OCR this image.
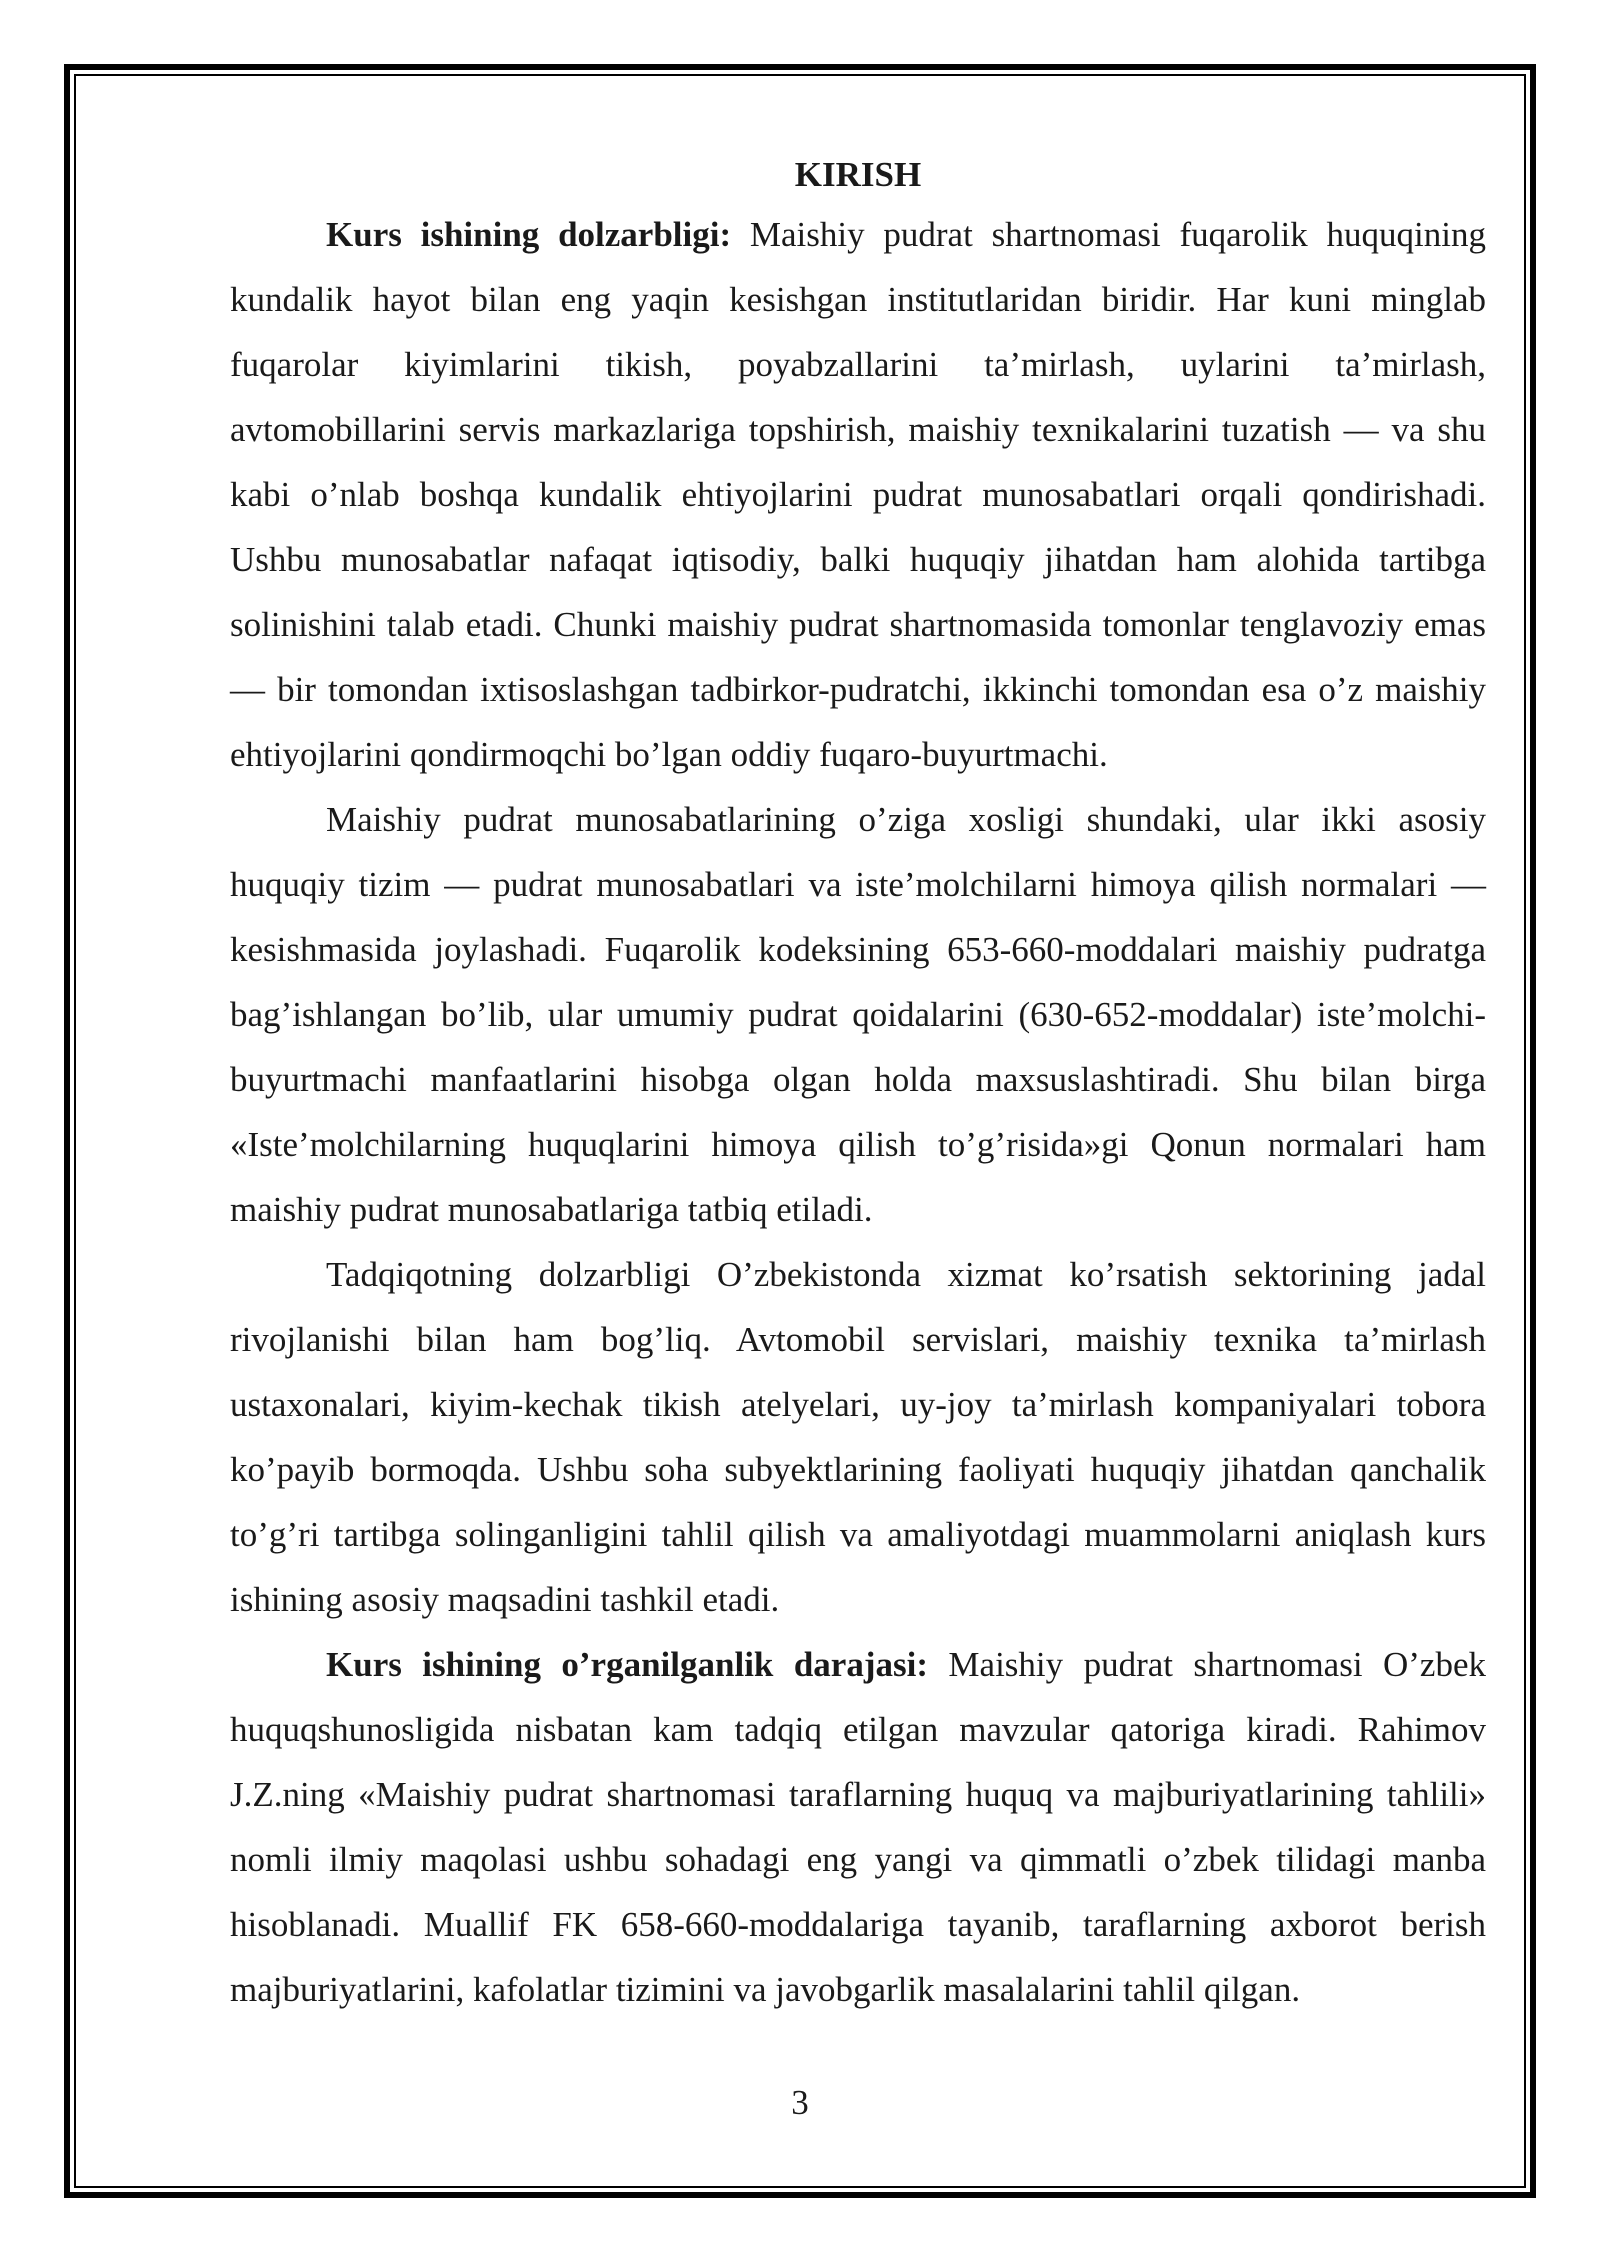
KIRISH

Kurs ishining dolzarbligi: Maishiy pudrat shartnomasi fuqarolik huquqining kundalik hayot bilan eng yaqin kesishgan institutlaridan biridir. Har kuni minglab fuqarolar kiyimlarini tikish, poyabzallarini ta’mirlash, uylarini ta’mirlash, avtomobillarini servis markazlariga topshirish, maishiy texnikalarini tuzatish — va shu kabi o’nlab boshqa kundalik ehtiyojlarini pudrat munosabatlari orqali qondirishadi. Ushbu munosabatlar nafaqat iqtisodiy, balki huquqiy jihatdan ham alohida tartibga solinishini talab etadi. Chunki maishiy pudrat shartnomasida tomonlar tenglavoziy emas — bir tomondan ixtisoslashgan tadbirkor-pudratchi, ikkinchi tomondan esa o’z maishiy ehtiyojlarini qondirmoqchi bo’lgan oddiy fuqaro-buyurtmachi.

Maishiy pudrat munosabatlarining o’ziga xosligi shundaki, ular ikki asosiy huquqiy tizim — pudrat munosabatlari va iste’molchilarni himoya qilish normalari — kesishmasida joylashadi. Fuqarolik kodeksining 653-660-moddalari maishiy pudratga bag’ishlangan bo’lib, ular umumiy pudrat qoidalarini (630-652-moddalar) iste’molchi-buyurtmachi manfaatlarini hisobga olgan holda maxsuslashtiradi. Shu bilan birga «Iste’molchilarning huquqlarini himoya qilish to’g’risida»gi Qonun normalari ham maishiy pudrat munosabatlariga tatbiq etiladi.

Tadqiqotning dolzarbligi O’zbekistonda xizmat ko’rsatish sektorining jadal rivojlanishi bilan ham bog’liq. Avtomobil servislari, maishiy texnika ta’mirlash ustaxonalari, kiyim-kechak tikish atelyelari, uy-joy ta’mirlash kompaniyalari tobora ko’payib bormoqda. Ushbu soha subyektlarining faoliyati huquqiy jihatdan qanchalik to’g’ri tartibga solinganligini tahlil qilish va amaliyotdagi muammolarni aniqlash kurs ishining asosiy maqsadini tashkil etadi.

Kurs ishining o’rganilganlik darajasi: Maishiy pudrat shartnomasi O’zbek huquqshunosligida nisbatan kam tadqiq etilgan mavzular qatoriga kiradi. Rahimov J.Z.ning «Maishiy pudrat shartnomasi taraflarning huquq va majburiyatlarining tahlili» nomli ilmiy maqolasi ushbu sohadagi eng yangi va qimmatli o’zbek tilidagi manba hisoblanadi. Muallif FK 658-660-moddalariga tayanib, taraflarning axborot berish majburiyatlarini, kafolatlar tizimini va javobgarlik masalalarini tahlil qilgan.

3
